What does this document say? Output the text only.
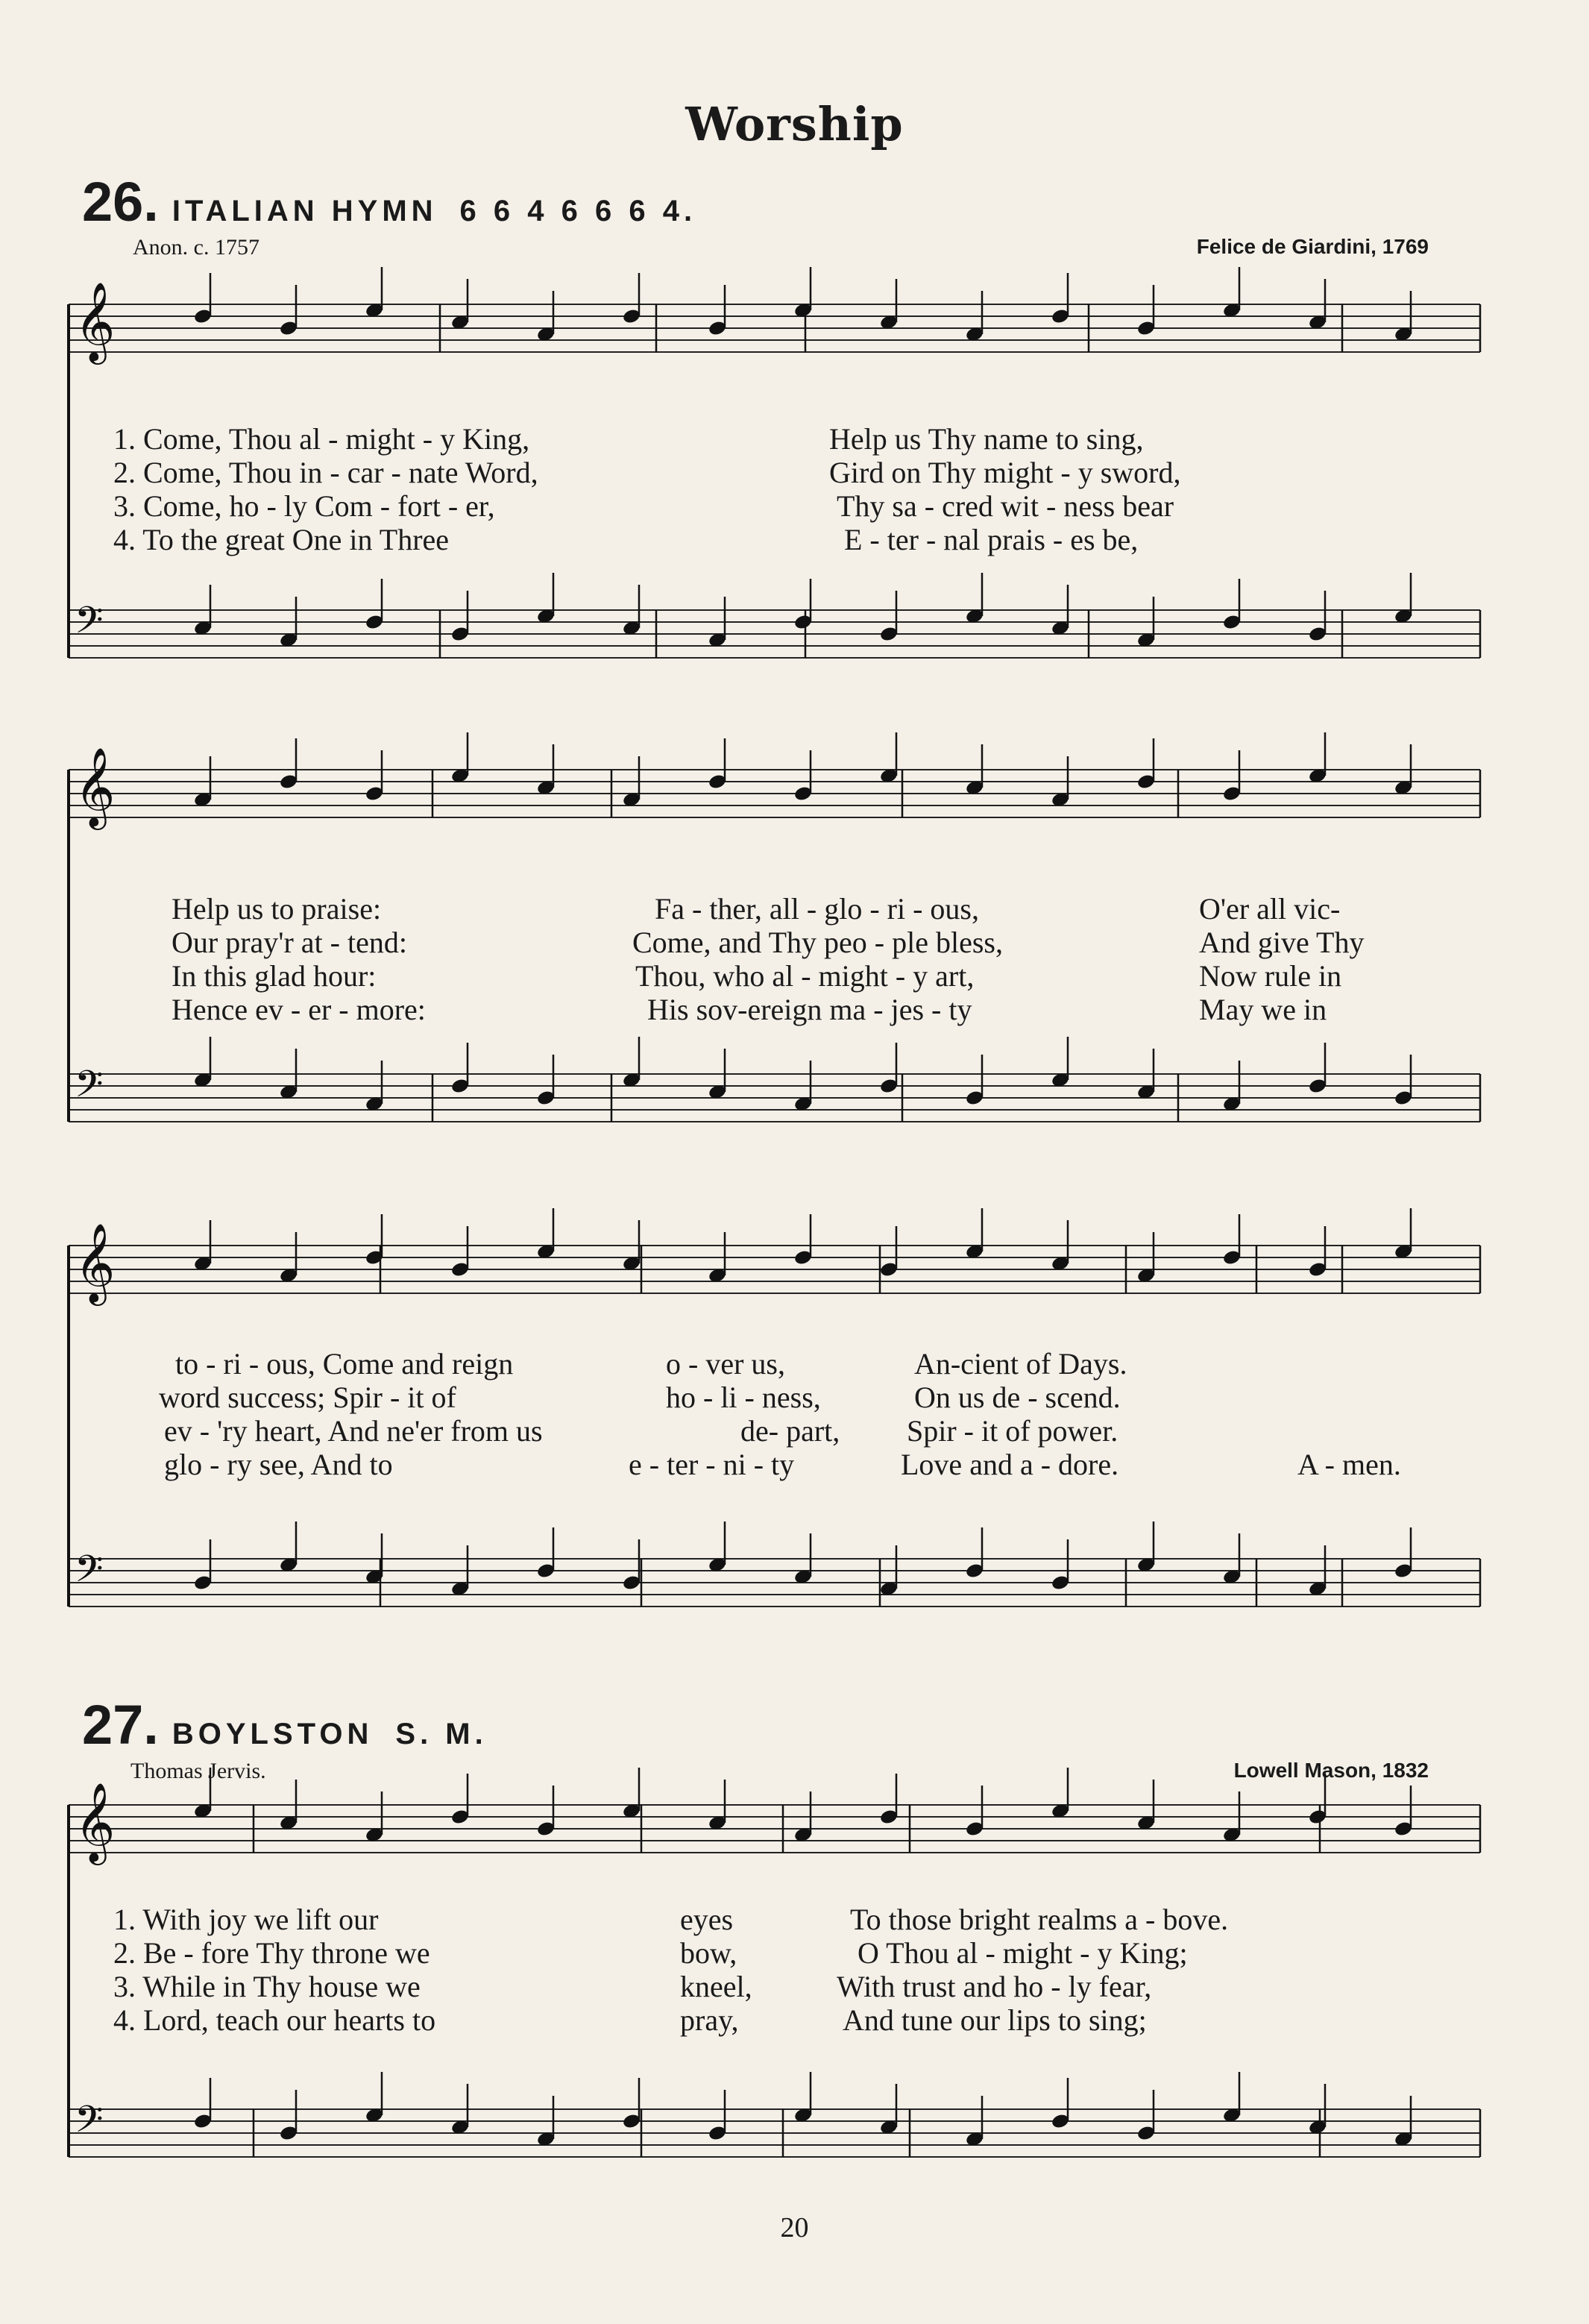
Worship
26. ITALIAN HYMN 6 6 4 6 6 6 4.
Anon. c. 1757	Felice de Giardini, 1769
27. BOYLSTON S. M.
Thomas Jervis.	Lowell Mason, 1832
𝄞
𝄢
𝄞
𝄢
𝄞
𝄢
𝄞
𝄢
1. Come, Thou al - might - y King,	Help us Thy name to sing,
2. Come, Thou in - car - nate Word,	Gird on Thy might - y sword,
3. Come, ho - ly Com - fort - er,	Thy sa - cred wit - ness bear
4. To the great One in Three	E - ter - nal prais - es be,
Help us to praise:	Fa - ther, all - glo - ri - ous,	O'er all vic-
Our pray'r at - tend:	Come, and Thy peo - ple bless,	And give Thy
In this glad hour:	Thou, who al - might - y art,	Now rule in
Hence ev - er - more:	His sov-ereign ma - jes - ty	May we in
to - ri - ous, Come and reign	o - ver us,	An-cient of Days.
word success; Spir - it of	ho - li - ness,	On us de - scend.
ev - 'ry heart, And ne'er from us	de- part, Spir - it of power.
glo - ry see, And to	e - ter - ni - ty	Love and a - dore.	A - men.
1. With joy we lift our	eyes	To those bright realms a - bove.
2. Be - fore Thy throne we	bow,	O Thou al - might - y King;
3. While in Thy house we	kneel,	With trust and ho - ly fear,
4. Lord, teach our hearts to	pray,	And tune our lips to sing;
20
